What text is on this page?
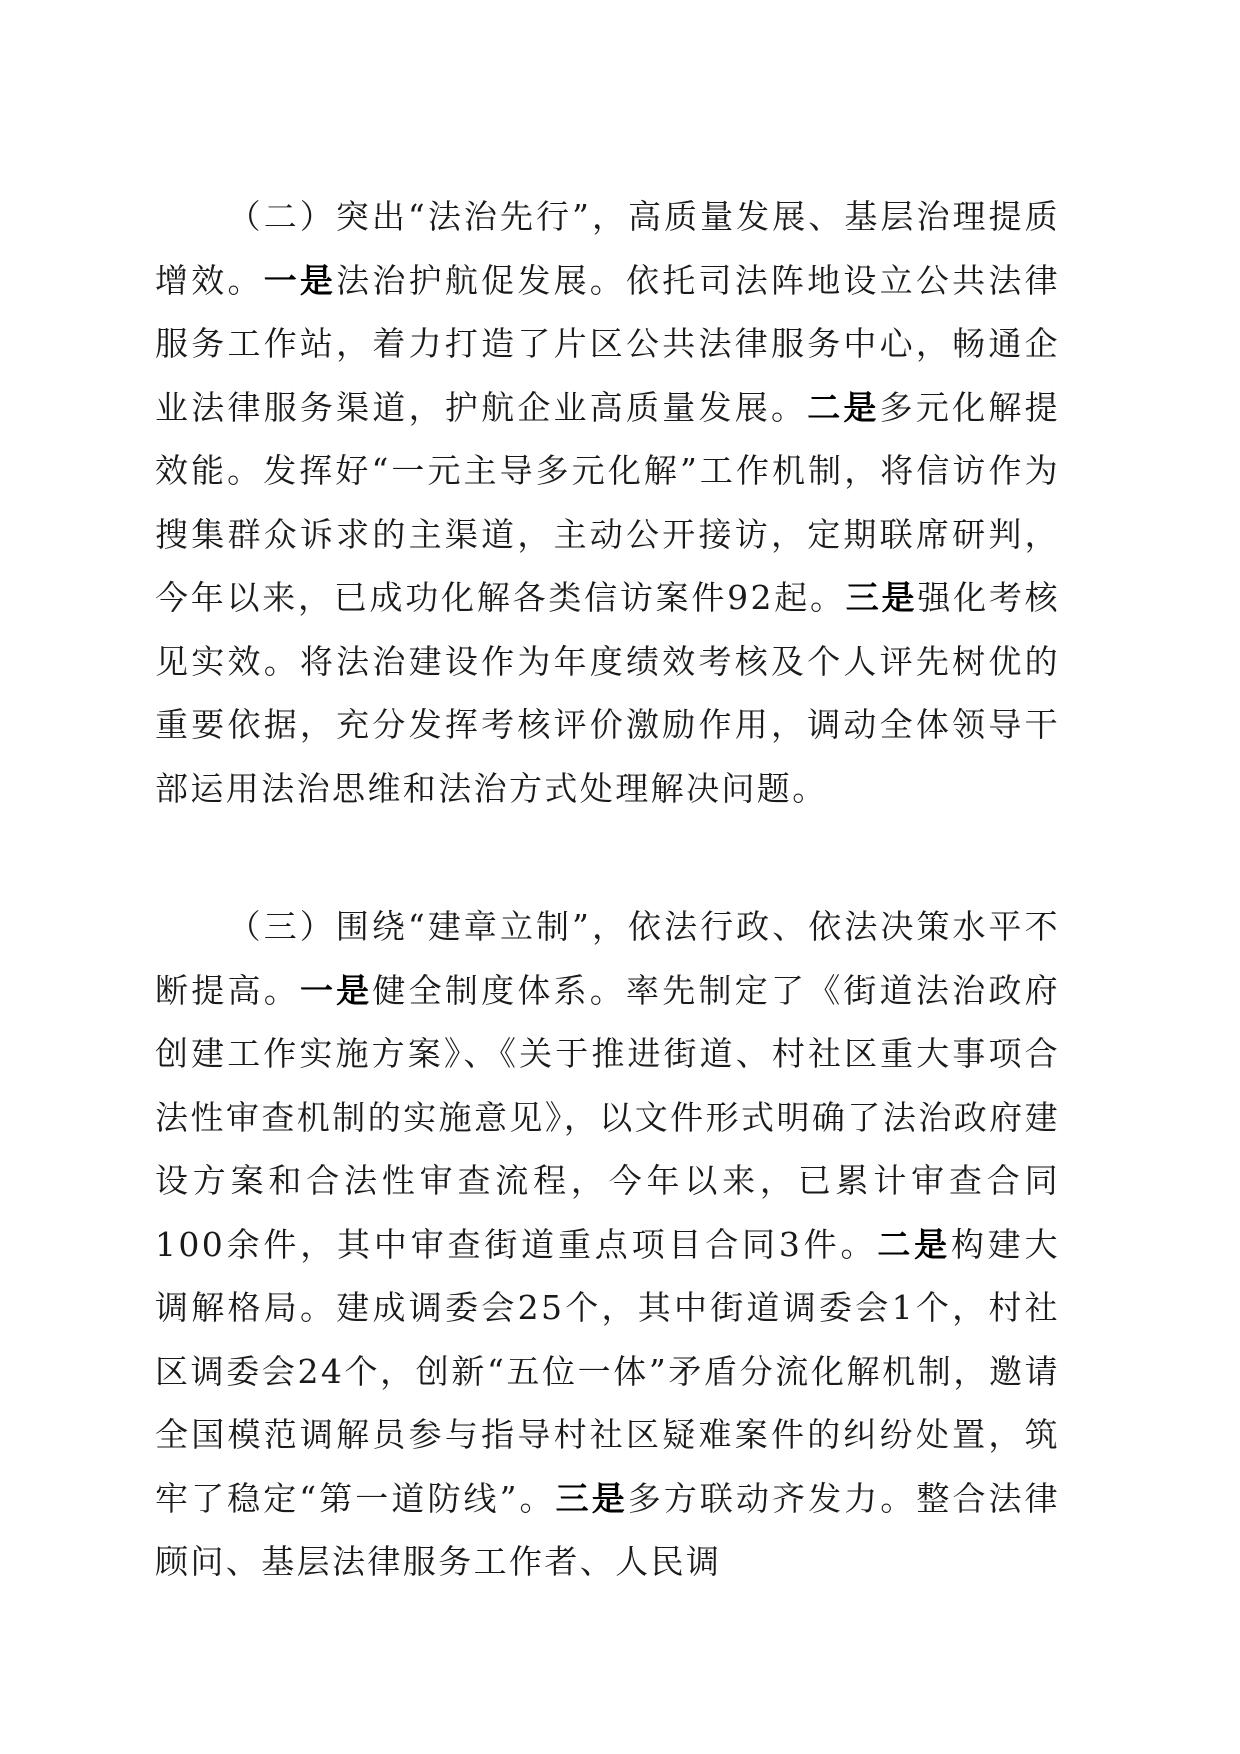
（二）突出“法治先行”，高质量发展、基层治理提质增效。一是法治护航促发展。依托司法阵地设立公共法律服务工作站，着力打造了片区公共法律服务中心，畅通企业法律服务渠道，护航企业高质量发展。二是多元化解提效能。发挥好“一元主导多元化解”工作机制，将信访作为搜集群众诉求的主渠道，主动公开接访，定期联席研判，今年以来，已成功化解各类信访案件92起。三是强化考核见实效。将法治建设作为年度绩效考核及个人评先树优的重要依据，充分发挥考核评价激励作用，调动全体领导干部运用法治思维和法治方式处理解决问题。

（三）围绕“建章立制”，依法行政、依法决策水平不断提高。一是健全制度体系。率先制定了《街道法治政府创建工作实施方案》、《关于推进街道、村社区重大事项合法性审查机制的实施意见》，以文件形式明确了法治政府建设方案和合法性审查流程，今年以来，已累计审查合同100余件，其中审查街道重点项目合同3件。二是构建大调解格局。建成调委会25个，其中街道调委会1个，村社区调委会24个，创新“五位一体”矛盾分流化解机制，邀请全国模范调解员参与指导村社区疑难案件的纠纷处置，筑牢了稳定“第一道防线”。三是多方联动齐发力。整合法律顾问、基层法律服务工作者、人民调
